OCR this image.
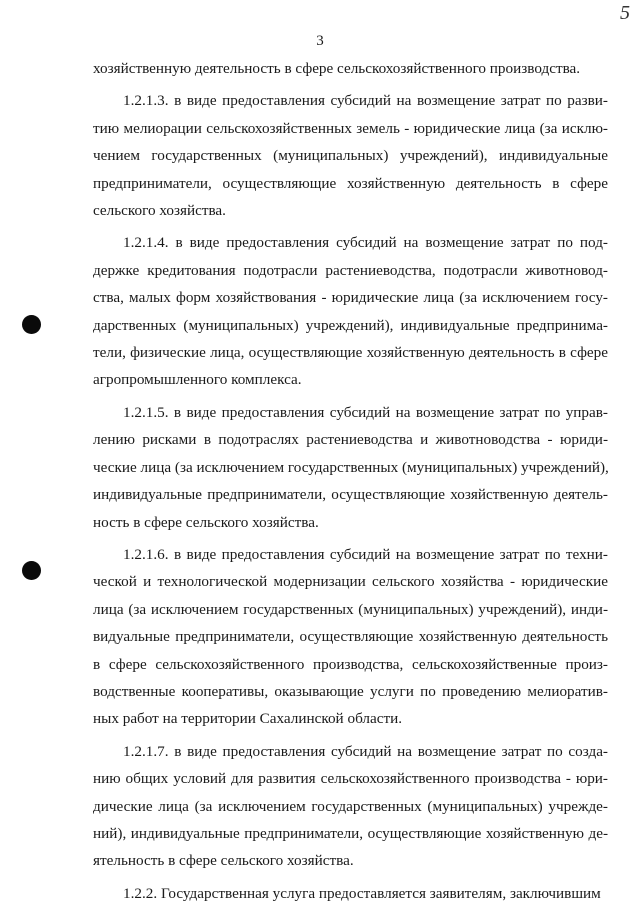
5
3
хозяйственную деятельность в сфере сельскохозяйственного производства.
1.2.1.3. в виде предоставления субсидий на возмещение затрат по разви-
тию мелиорации сельскохозяйственных земель - юридические лица (за исклю-
чением государственных (муниципальных) учреждений), индивидуальные
предприниматели, осуществляющие хозяйственную деятельность в сфере
сельского хозяйства.
1.2.1.4. в виде предоставления субсидий на возмещение затрат по под-
держке кредитования подотрасли растениеводства, подотрасли животновод-
ства, малых форм хозяйствования - юридические лица (за исключением госу-
дарственных (муниципальных) учреждений), индивидуальные предпринима-
тели, физические лица, осуществляющие хозяйственную деятельность в сфере
агропромышленного комплекса.
1.2.1.5. в виде предоставления субсидий на возмещение затрат по управ-
лению рисками в подотраслях растениеводства и животноводства - юриди-
ческие лица (за исключением государственных (муниципальных) учреждений),
индивидуальные предприниматели, осуществляющие хозяйственную деятель-
ность в сфере сельского хозяйства.
1.2.1.6. в виде предоставления субсидий на возмещение затрат по техни-
ческой и технологической модернизации сельского хозяйства - юридические
лица (за исключением государственных (муниципальных) учреждений), инди-
видуальные предприниматели, осуществляющие хозяйственную деятельность
в сфере сельскохозяйственного производства, сельскохозяйственные произ-
водственные кооперативы, оказывающие услуги по проведению мелиоратив-
ных работ на территории Сахалинской области.
1.2.1.7. в виде предоставления субсидий на возмещение затрат по созда-
нию общих условий для развития сельскохозяйственного производства - юри-
дические лица (за исключением государственных (муниципальных) учрежде-
ний), индивидуальные предприниматели, осуществляющие хозяйственную де-
ятельность в сфере сельского хозяйства.
1.2.2. Государственная услуга предоставляется заявителям, заключившим
